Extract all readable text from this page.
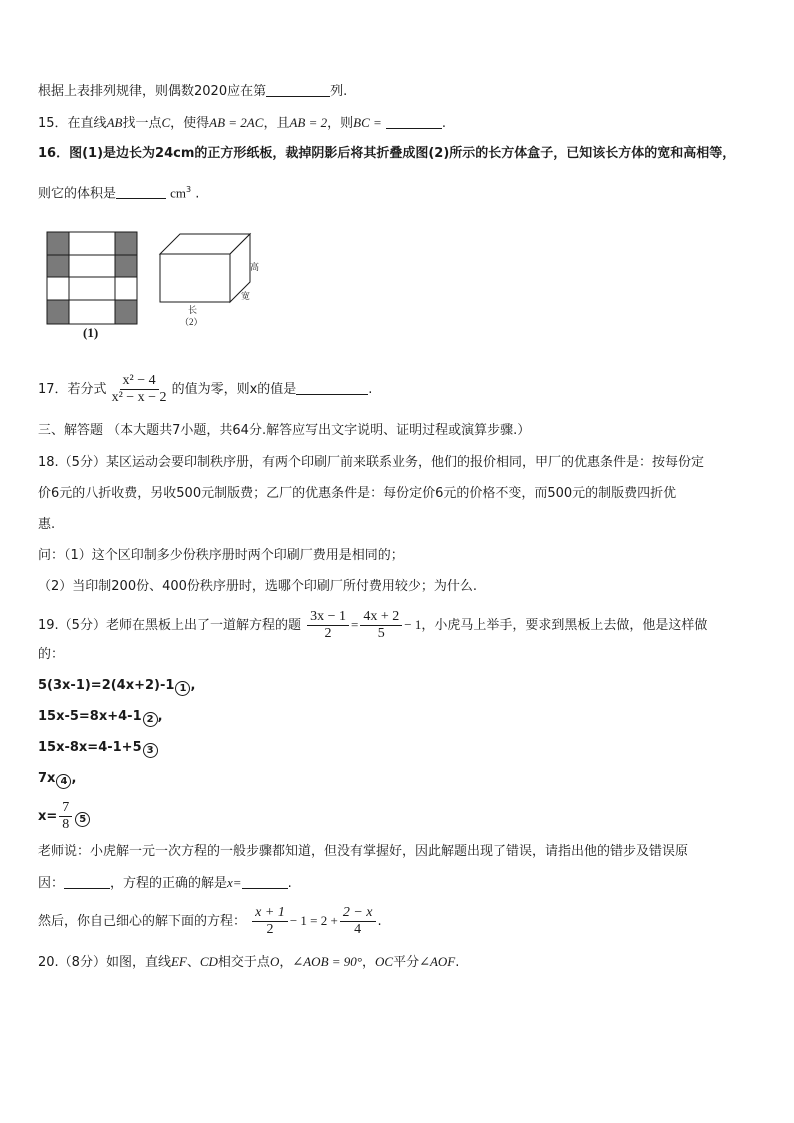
根据上表排列规律，则偶数2020应在第	列.
15．在直线AB找一点C，使得AB = 2AC，且AB = 2，则BC =	.
16．图(1)是边长为24cm的正方形纸板，裁掉阴影后将其折叠成图(2)所示的长方体盒子，已知该长方体的宽和高相等，
则它的体积是	$cm^3$ .
(1)
高
宽
长
（2）
17．若分式 $\frac{\text{x² − 4}}{\text{x² − x − 2}}$ 的值为零，则x的值是	.
三、解答题 （本大题共7小题，共64分.解答应写出文字说明、证明过程或演算步骤.）
18.（5分）某区运动会要印制秩序册，有两个印刷厂前来联系业务，他们的报价相同，甲厂的优惠条件是：按每份定
价6元的八折收费，另收500元制版费；乙厂的优惠条件是：每份定价6元的价格不变，而500元的制版费四折优
惠.
问：（1）这个区印制多少份秩序册时两个印刷厂费用是相同的；
（2）当印制200份、400份秩序册时，选哪个印刷厂所付费用较少；为什么.
19.（5分）老师在黑板上出了一道解方程的题 $\frac{3x - 1}{2} = \frac{4x + 2}{5} - 1$，小虎马上举手，要求到黑板上去做，他是这样做
的：
5(3x-1)=2(4x+2)-1 1 ,
15x-5=8x+4-1 2 ,
15x-8x=4-1+5 3
7x 4 ,
$x= \frac{7}{8} 5$
老师说：小虎解一元一次方程的一般步骤都知道，但没有掌握好，因此解题出现了错误，请指出他的错步及错误原
因：	，方程的正确的解是x=	.
然后，你自己细心的解下面的方程： $\frac{x + 1}{2} - 1 = 2 + \frac{2 - x}{4}$ .
20.（8分）如图，直线EF、CD相交于点O，∠AOB = 90°，OC平分∠AOF.
